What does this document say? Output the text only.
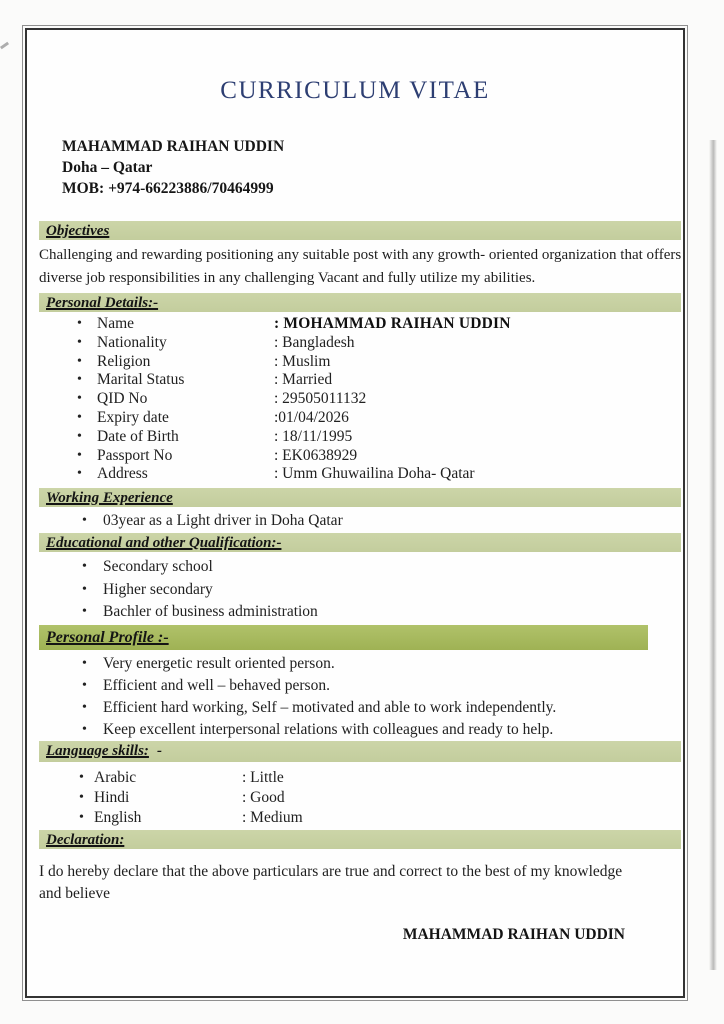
CURRICULUM VITAE
MAHAMMAD RAIHAN UDDIN
Doha – Qatar
MOB: +974-66223886/70464999
Objectives

Challenging and rewarding positioning any suitable post with any growth- oriented organization that offers diverse job responsibilities in any challenging Vacant and fully utilize my abilities.

Personal Details:-
• Name	: MOHAMMAD RAIHAN UDDIN
• Nationality	: Bangladesh
• Religion	: Muslim
• Marital Status	: Married
• QID No	: 29505011132
• Expiry date	:01/04/2026
• Date of Birth	: 18/11/1995
• Passport No	: EK0638929
• Address	: Umm Ghuwailina Doha- Qatar
Working Experience
• 03year as a Light driver in Doha Qatar
Educational and other Qualification:-
• Secondary school
• Higher secondary
• Bachler of business administration
Personal Profile :-
• Very energetic result oriented person.
• Efficient and well – behaved person.
• Efficient hard working, Self – motivated and able to work independently.
• Keep excellent interpersonal relations with colleagues and ready to help.
Language skills: -
• Arabic	: Little
• Hindi	: Good
• English	: Medium
Declaration:

I do hereby declare that the above particulars are true and correct to the best of my knowledge and believe

MAHAMMAD RAIHAN UDDIN
